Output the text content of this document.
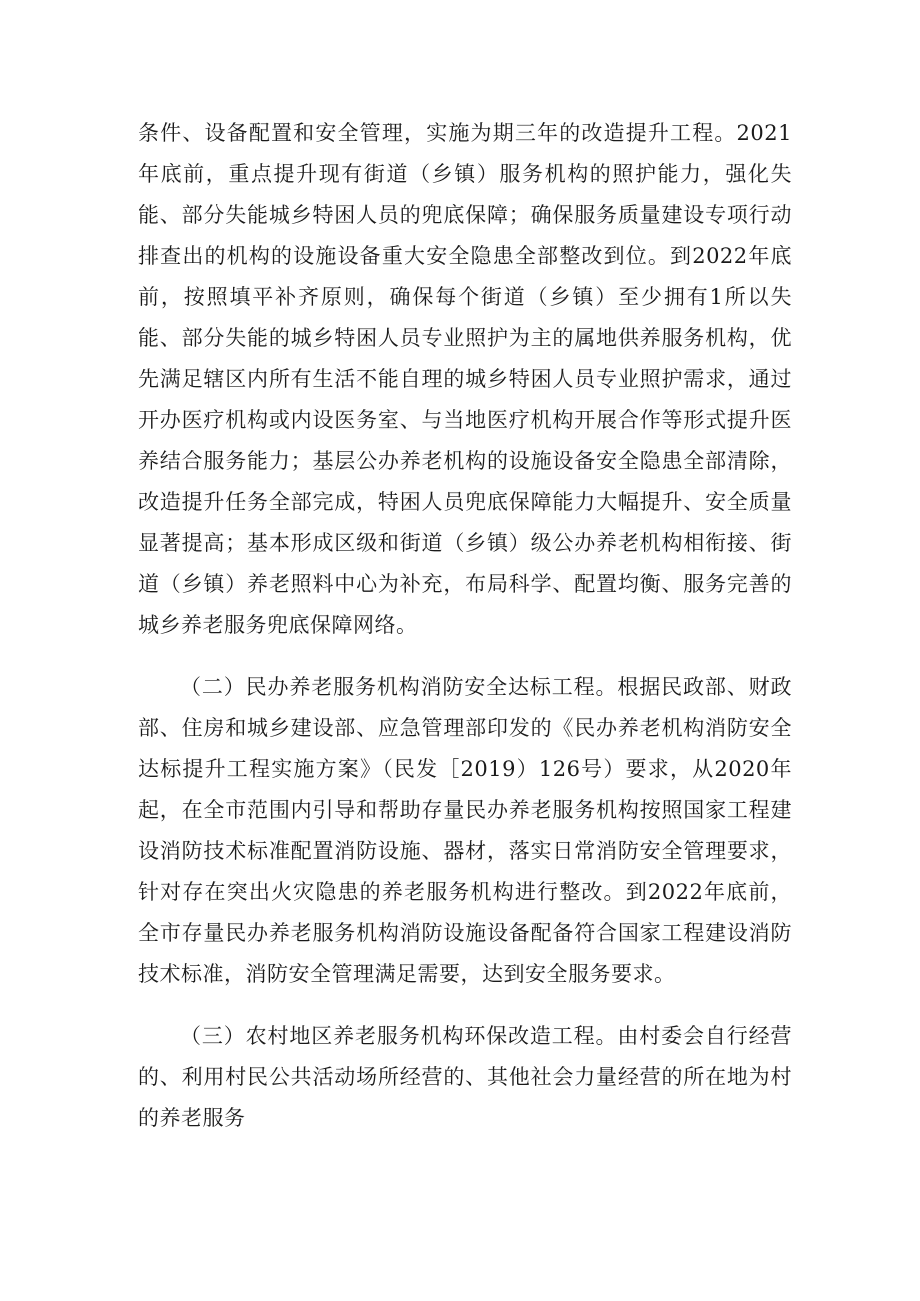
条件、设备配置和安全管理，实施为期三年的改造提升工程。2021年底前，重点提升现有街道（乡镇）服务机构的照护能力，强化失能、部分失能城乡特困人员的兜底保障；确保服务质量建设专项行动排查出的机构的设施设备重大安全隐患全部整改到位。到2022年底前，按照填平补齐原则，确保每个街道（乡镇）至少拥有1所以失能、部分失能的城乡特困人员专业照护为主的属地供养服务机构，优先满足辖区内所有生活不能自理的城乡特困人员专业照护需求，通过开办医疗机构或内设医务室、与当地医疗机构开展合作等形式提升医养结合服务能力；基层公办养老机构的设施设备安全隐患全部清除，改造提升任务全部完成，特困人员兜底保障能力大幅提升、安全质量显著提高；基本形成区级和街道（乡镇）级公办养老机构相衔接、街道（乡镇）养老照料中心为补充，布局科学、配置均衡、服务完善的城乡养老服务兜底保障网络。

（二）民办养老服务机构消防安全达标工程。根据民政部、财政部、住房和城乡建设部、应急管理部印发的《民办养老机构消防安全达标提升工程实施方案》（民发［2019）126号）要求，从2020年起，在全市范围内引导和帮助存量民办养老服务机构按照国家工程建设消防技术标准配置消防设施、器材，落实日常消防安全管理要求，针对存在突出火灾隐患的养老服务机构进行整改。到2022年底前，全市存量民办养老服务机构消防设施设备配备符合国家工程建设消防技术标准，消防安全管理满足需要，达到安全服务要求。

（三）农村地区养老服务机构环保改造工程。由村委会自行经营的、利用村民公共活动场所经营的、其他社会力量经营的所在地为村的养老服务
